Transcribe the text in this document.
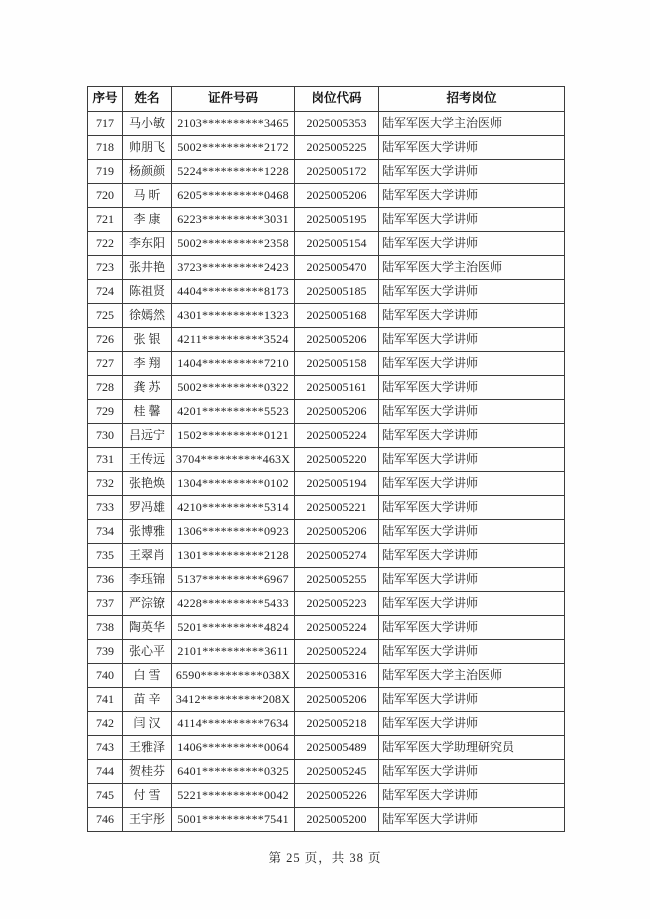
序号	姓名	证件号码	岗位代码	招考岗位
717	马小敏	2103**********3465	2025005353	陆军军医大学主治医师
718	帅朋飞	5002**********2172	2025005225	陆军军医大学讲师
719	杨颜颜	5224**********1228	2025005172	陆军军医大学讲师
720	马 昕	6205**********0468	2025005206	陆军军医大学讲师
721	李 康	6223**********3031	2025005195	陆军军医大学讲师
722	李东阳	5002**********2358	2025005154	陆军军医大学讲师
723	张井艳	3723**********2423	2025005470	陆军军医大学主治医师
724	陈祖贤	4404**********8173	2025005185	陆军军医大学讲师
725	徐嫣然	4301**********1323	2025005168	陆军军医大学讲师
726	张 银	4211**********3524	2025005206	陆军军医大学讲师
727	李 翔	1404**********7210	2025005158	陆军军医大学讲师
728	龚 苏	5002**********0322	2025005161	陆军军医大学讲师
729	桂 馨	4201**********5523	2025005206	陆军军医大学讲师
730	吕远宁	1502**********0121	2025005224	陆军军医大学讲师
731	王传远	3704**********463X	2025005220	陆军军医大学讲师
732	张艳焕	1304**********0102	2025005194	陆军军医大学讲师
733	罗冯雄	4210**********5314	2025005221	陆军军医大学讲师
734	张博雅	1306**********0923	2025005206	陆军军医大学讲师
735	王翠肖	1301**********2128	2025005274	陆军军医大学讲师
736	李珏锦	5137**********6967	2025005255	陆军军医大学讲师
737	严淙镣	4228**********5433	2025005223	陆军军医大学讲师
738	陶英华	5201**********4824	2025005224	陆军军医大学讲师
739	张心平	2101**********3611	2025005224	陆军军医大学讲师
740	白 雪	6590**********038X	2025005316	陆军军医大学主治医师
741	苗 辛	3412**********208X	2025005206	陆军军医大学讲师
742	闫 汉	4114**********7634	2025005218	陆军军医大学讲师
743	王雅泽	1406**********0064	2025005489	陆军军医大学助理研究员
744	贺桂芬	6401**********0325	2025005245	陆军军医大学讲师
745	付 雪	5221**********0042	2025005226	陆军军医大学讲师
746	王宇彤	5001**********7541	2025005200	陆军军医大学讲师
第 25 页，共 38 页
